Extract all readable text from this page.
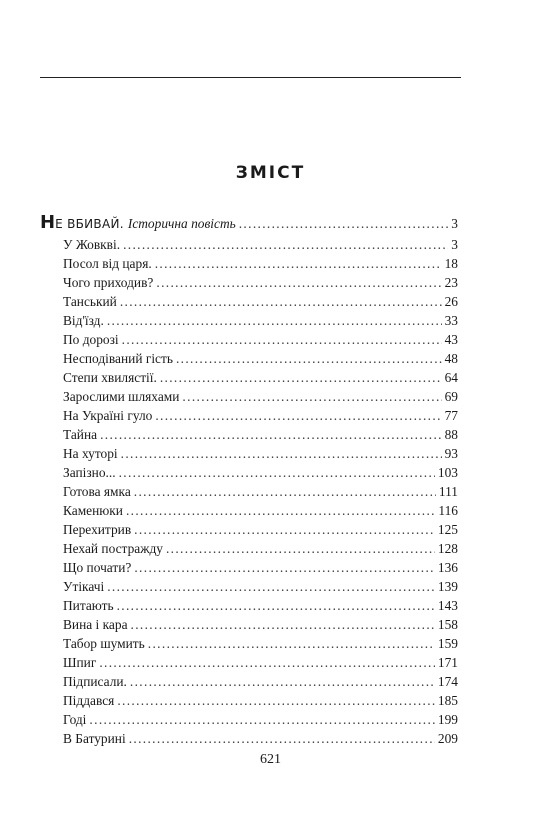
ЗМІСТ
НЕ ВБИВАЙ. Історична повість . . .	3
У Жовкві. . . .	3
Посол від царя. . . .	18
Чого приходив? . . .	23
Танський . . .	26
Від'їзд. . . .	33
По дорозі . . .	43
Несподіваний гість . . .	48
Степи хвилястії. . . .	64
Зарослими шляхами . . .	69
На Україні гуло . . .	77
Тайна . . .	88
На хуторі . . .	93
Запізно... . . .	103
Готова ямка . . .	111
Каменюки . . .	116
Перехитрив . . .	125
Нехай постраждy . . .	128
Що почати? . . .	136
Утікачі . . .	139
Питають . . .	143
Вина і кара . . .	158
Табор шумить . . .	159
Шпиг . . .	171
Підписали. . . .	174
Піддався . . .	185
Годі . . .	199
В Батурині . . .	209
621
